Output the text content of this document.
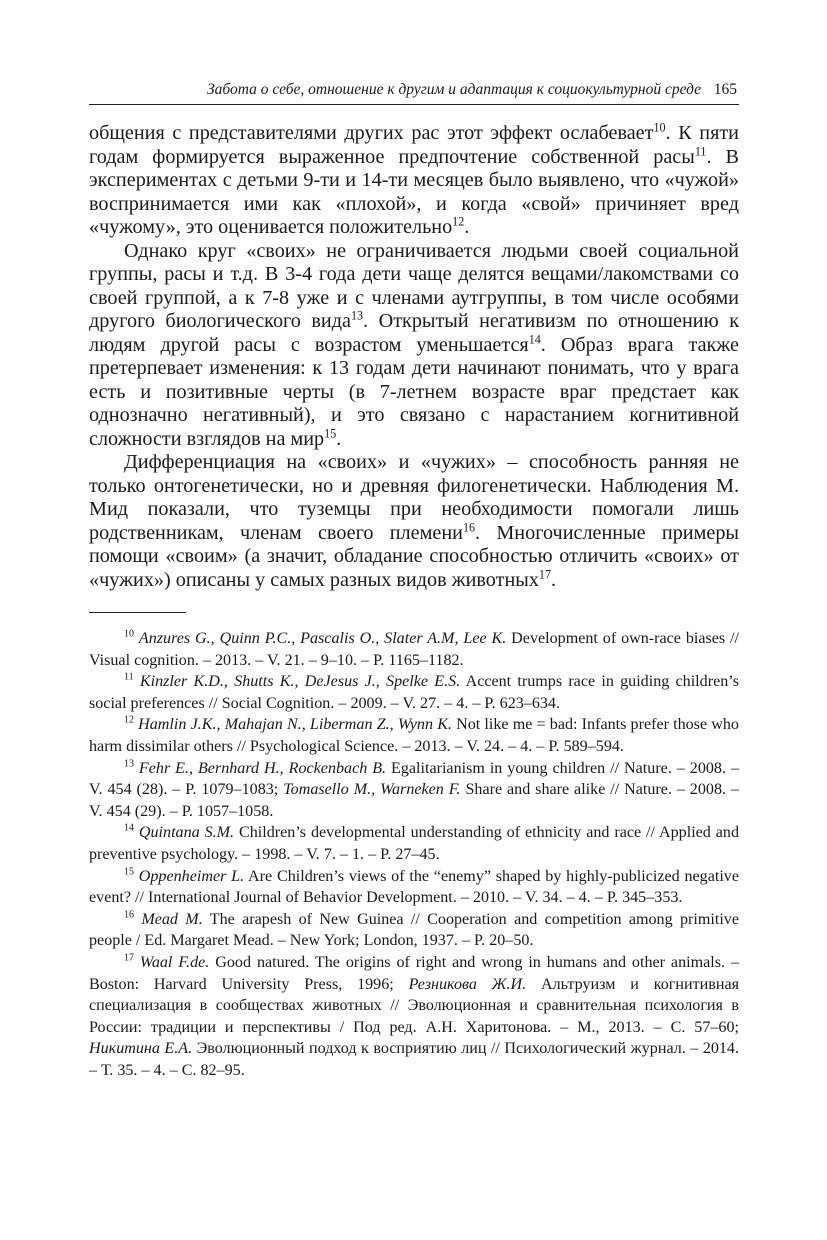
Забота о себе, отношение к другим и адаптация к социокультурной среде 165

общения с представителями других рас этот эффект ослабевает$^{10}$. К пяти годам формируется выраженное предпочтение собственной расы$^{11}$. В экспериментах с детьми 9-ти и 14-ти месяцев было выявлено, что «чужой» воспринимается ими как «плохой», и когда «свой» причиняет вред «чужому», это оценивается положительно$^{12}$.

Однако круг «своих» не ограничивается людьми своей социальной группы, расы и т.д. В 3-4 года дети чаще делятся вещами/лакомствами со своей группой, а к 7-8 уже и с членами аутгруппы, в том числе особями другого биологического вида$^{13}$. Открытый негативизм по отношению к людям другой расы с возрастом уменьшается$^{14}$. Образ врага также претерпевает изменения: к 13 годам дети начинают понимать, что у врага есть и позитивные черты (в 7-летнем возрасте враг предстает как однозначно негативный), и это связано с нарастанием когнитивной сложности взглядов на мир$^{15}$.

Дифференциация на «своих» и «чужих» – способность ранняя не только онтогенетически, но и древняя филогенетически. Наблюдения М. Мид показали, что туземцы при необходимости помогали лишь родственникам, членам своего племени$^{16}$. Многочисленные примеры помощи «своим» (а значит, обладание способностью отличить «своих» от «чужих») описаны у самых разных видов животных$^{17}$.

$^{10}$ Anzures G., Quinn P.C., Pascalis O., Slater A.M, Lee K. Development of own-race biases // Visual cognition. – 2013. – V. 21. – 9–10. – P. 1165–1182.
$^{11}$ Kinzler K.D., Shutts K., DeJesus J., Spelke E.S. Accent trumps race in guiding children’s social preferences // Social Cognition. – 2009. – V. 27. – 4. – P. 623–634.
$^{12}$ Hamlin J.K., Mahajan N., Liberman Z., Wynn K. Not like me = bad: Infants prefer those who harm dissimilar others // Psychological Science. – 2013. – V. 24. – 4. – P. 589–594.
$^{13}$ Fehr E., Bernhard H., Rockenbach B. Egalitarianism in young children // Nature. – 2008. – V. 454 (28). – P. 1079–1083; Tomasello M., Warneken F. Share and share alike // Nature. – 2008. – V. 454 (29). – P. 1057–1058.
$^{14}$ Quintana S.M. Children’s developmental understanding of ethnicity and race // Applied and preventive psychology. – 1998. – V. 7. – 1. – P. 27–45.
$^{15}$ Oppenheimer L. Are Children’s views of the “enemy” shaped by highly-publicized negative event? // International Journal of Behavior Development. – 2010. – V. 34. – 4. – P. 345–353.
$^{16}$ Mead M. The arapesh of New Guinea // Cooperation and competition among primitive people / Ed. Margaret Mead. – New York; London, 1937. – P. 20–50.
$^{17}$ Waal F.de. Good natured. The origins of right and wrong in humans and other animals. – Boston: Harvard University Press, 1996; Резникова Ж.И. Альтруизм и когнитивная специализация в сообществах животных // Эволюционная и сравнительная психология в России: традиции и перспективы / Под ред. А.Н. Харитонова. – М., 2013. – С. 57–60; Никитина Е.А. Эволюционный подход к восприятию лиц // Психологический журнал. – 2014. – Т. 35. – 4. – С. 82–95.
